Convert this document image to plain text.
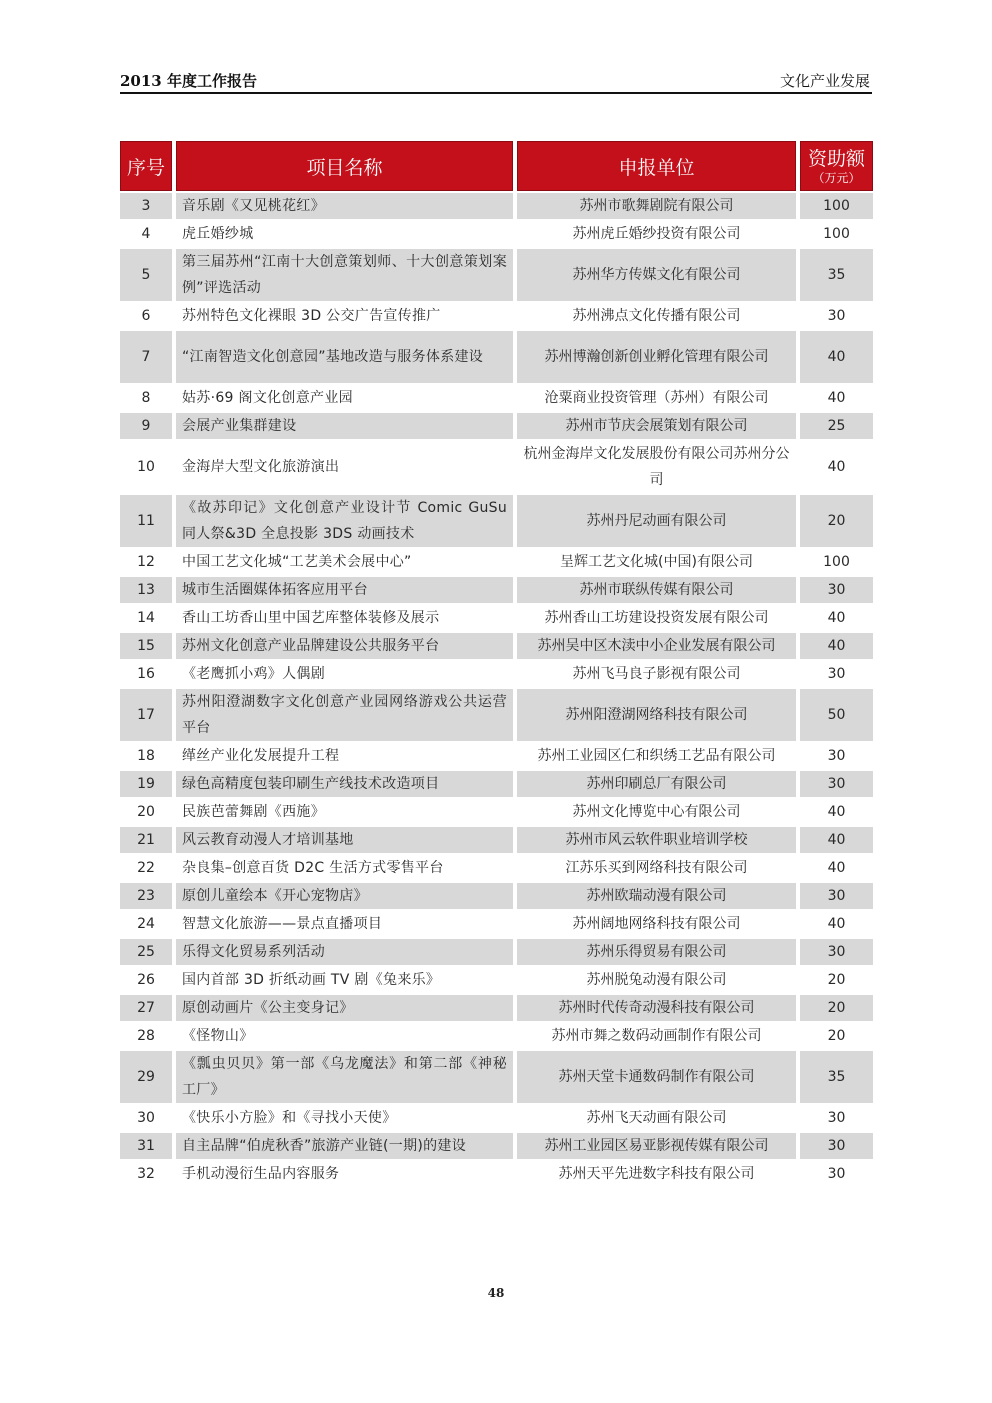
2013 年度工作报告	文化产业发展
序号	项目名称	申报单位	资助额
（万元）

3	音乐剧《又见桃花红》	苏州市歌舞剧院有限公司	100
4	虎丘婚纱城	苏州虎丘婚纱投资有限公司	100
5	第三届苏州“江南十大创意策划师、十大创意策划案例”评选活动	苏州华方传媒文化有限公司	35
6	苏州特色文化裸眼 3D 公交广告宣传推广	苏州沸点文化传播有限公司	30
7	“江南智造文化创意园”基地改造与服务体系建设	苏州博瀚创新创业孵化管理有限公司	40
8	姑苏·69 阁文化创意产业园	沧粟商业投资管理（苏州）有限公司	40
9	会展产业集群建设	苏州市节庆会展策划有限公司	25
10	金海岸大型文化旅游演出	杭州金海岸文化发展股份有限公司苏州分公司	40
11	《故苏印记》文化创意产业设计节 Comic GuSu 同人祭&3D 全息投影 3DS 动画技术	苏州丹尼动画有限公司	20
12	中国工艺文化城“工艺美术会展中心”	呈辉工艺文化城(中国)有限公司	100
13	城市生活圈媒体拓客应用平台	苏州市联纵传媒有限公司	30
14	香山工坊香山里中国艺库整体装修及展示	苏州香山工坊建设投资发展有限公司	40
15	苏州文化创意产业品牌建设公共服务平台	苏州吴中区木渎中小企业发展有限公司	40
16	《老鹰抓小鸡》人偶剧	苏州飞马良子影视有限公司	30
17	苏州阳澄湖数字文化创意产业园网络游戏公共运营平台	苏州阳澄湖网络科技有限公司	50
18	缂丝产业化发展提升工程	苏州工业园区仁和织绣工艺品有限公司	30
19	绿色高精度包装印刷生产线技术改造项目	苏州印刷总厂有限公司	30
20	民族芭蕾舞剧《西施》	苏州文化博览中心有限公司	40
21	风云教育动漫人才培训基地	苏州市风云软件职业培训学校	40
22	杂良集–创意百货 D2C 生活方式零售平台	江苏乐买到网络科技有限公司	40
23	原创儿童绘本《开心宠物店》	苏州欧瑞动漫有限公司	30
24	智慧文化旅游——景点直播项目	苏州阔地网络科技有限公司	40
25	乐得文化贸易系列活动	苏州乐得贸易有限公司	30
26	国内首部 3D 折纸动画 TV 剧《兔来乐》	苏州脱兔动漫有限公司	20
27	原创动画片《公主变身记》	苏州时代传奇动漫科技有限公司	20
28	《怪物山》	苏州市舞之数码动画制作有限公司	20
29	《瓢虫贝贝》第一部《乌龙魔法》和第二部《神秘工厂》	苏州天堂卡通数码制作有限公司	35
30	《快乐小方脸》和《寻找小天使》	苏州飞天动画有限公司	30
31	自主品牌“伯虎秋香”旅游产业链(一期)的建设	苏州工业园区易亚影视传媒有限公司	30
32	手机动漫衍生品内容服务	苏州天平先进数字科技有限公司	30
48
